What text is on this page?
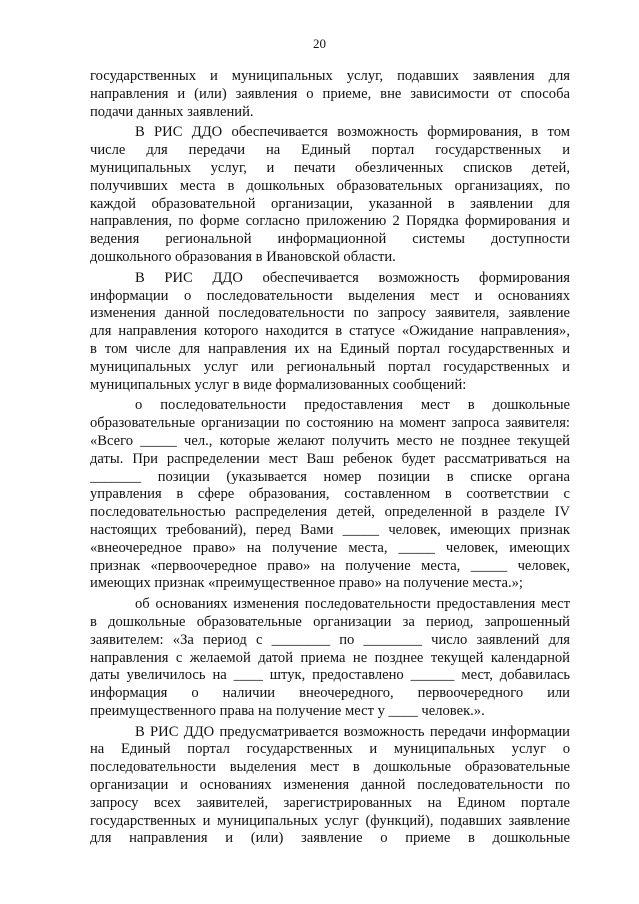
20
государственных и муниципальных услуг, подавших заявления для
направления и (или) заявления о приеме, вне зависимости от способа
подачи данных заявлений.
В РИС ДДО обеспечивается возможность формирования, в том
числе для передачи на Единый портал государственных и
муниципальных услуг, и печати обезличенных списков детей,
получивших места в дошкольных образовательных организациях, по
каждой образовательной организации, указанной в заявлении для
направления, по форме согласно приложению 2 Порядка формирования и
ведения региональной информационной системы доступности
дошкольного образования в Ивановской области.
В РИС ДДО обеспечивается возможность формирования
информации о последовательности выделения мест и основаниях
изменения данной последовательности по запросу заявителя, заявление
для направления которого находится в статусе «Ожидание направления»,
в том числе для направления их на Единый портал государственных и
муниципальных услуг или региональный портал государственных и
муниципальных услуг в виде формализованных сообщений:
о последовательности предоставления мест в дошкольные
образовательные организации по состоянию на момент запроса заявителя:
«Всего _____ чел., которые желают получить место не позднее текущей
даты. При распределении мест Ваш ребенок будет рассматриваться на
_______ позиции (указывается номер позиции в списке органа
управления в сфере образования, составленном в соответствии с
последовательностью распределения детей, определенной в разделе IV
настоящих требований), перед Вами _____ человек, имеющих признак
«внеочередное право» на получение места, _____ человек, имеющих
признак «первоочередное право» на получение места, _____ человек,
имеющих признак «преимущественное право» на получение места.»;
об основаниях изменения последовательности предоставления мест
в дошкольные образовательные организации за период, запрошенный
заявителем: «За период с ________ по ________ число заявлений для
направления с желаемой датой приема не позднее текущей календарной
даты увеличилось на ____ штук, предоставлено ______ мест, добавилась
информация о наличии внеочередного, первоочередного или
преимущественного права на получение мест у ____ человек.».
В РИС ДДО предусматривается возможность передачи информации
на Единый портал государственных и муниципальных услуг о
последовательности выделения мест в дошкольные образовательные
организации и основаниях изменения данной последовательности по
запросу всех заявителей, зарегистрированных на Едином портале
государственных и муниципальных услуг (функций), подавших заявление
для направления и (или) заявление о приеме в дошкольные
